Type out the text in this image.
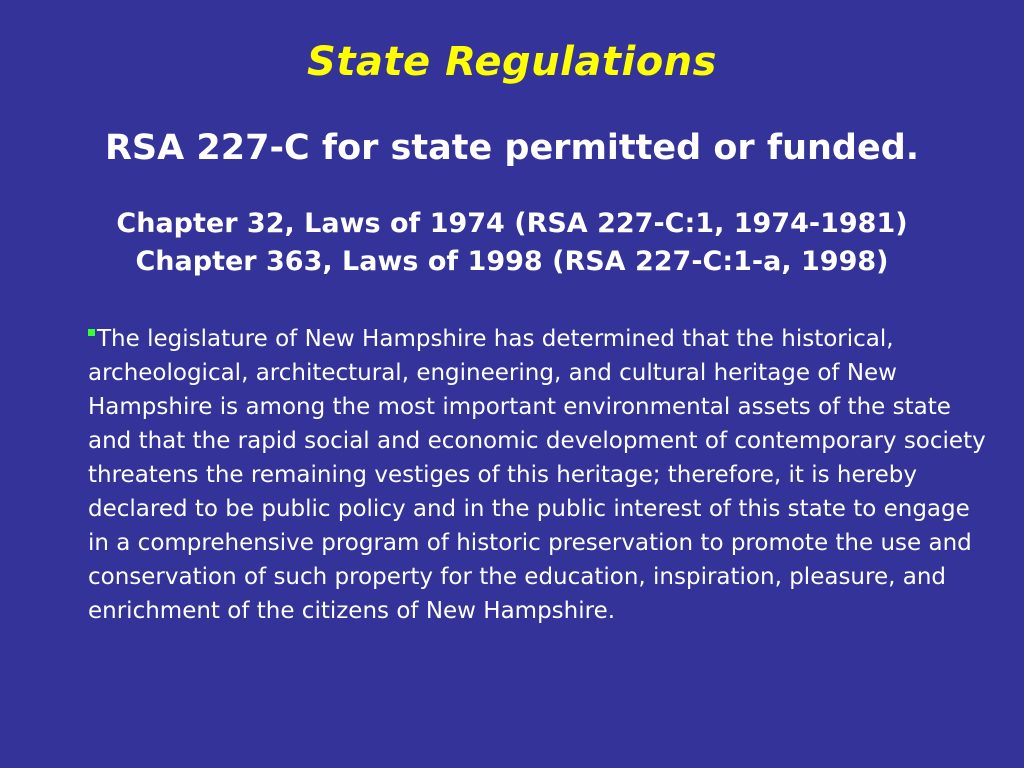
State Regulations
RSA 227-C for state permitted or funded.
Chapter 32, Laws of 1974 (RSA 227-C:1, 1974-1981)
Chapter 363, Laws of 1998 (RSA 227-C:1-a, 1998)
The legislature of New Hampshire has determined that the historical, archeological, architectural, engineering, and cultural heritage of New Hampshire is among the most important environmental assets of the state and that the rapid social and economic development of contemporary society threatens the remaining vestiges of this heritage; therefore, it is hereby declared to be public policy and in the public interest of this state to engage in a comprehensive program of historic preservation to promote the use and conservation of such property for the education, inspiration, pleasure, and enrichment of the citizens of New Hampshire.
